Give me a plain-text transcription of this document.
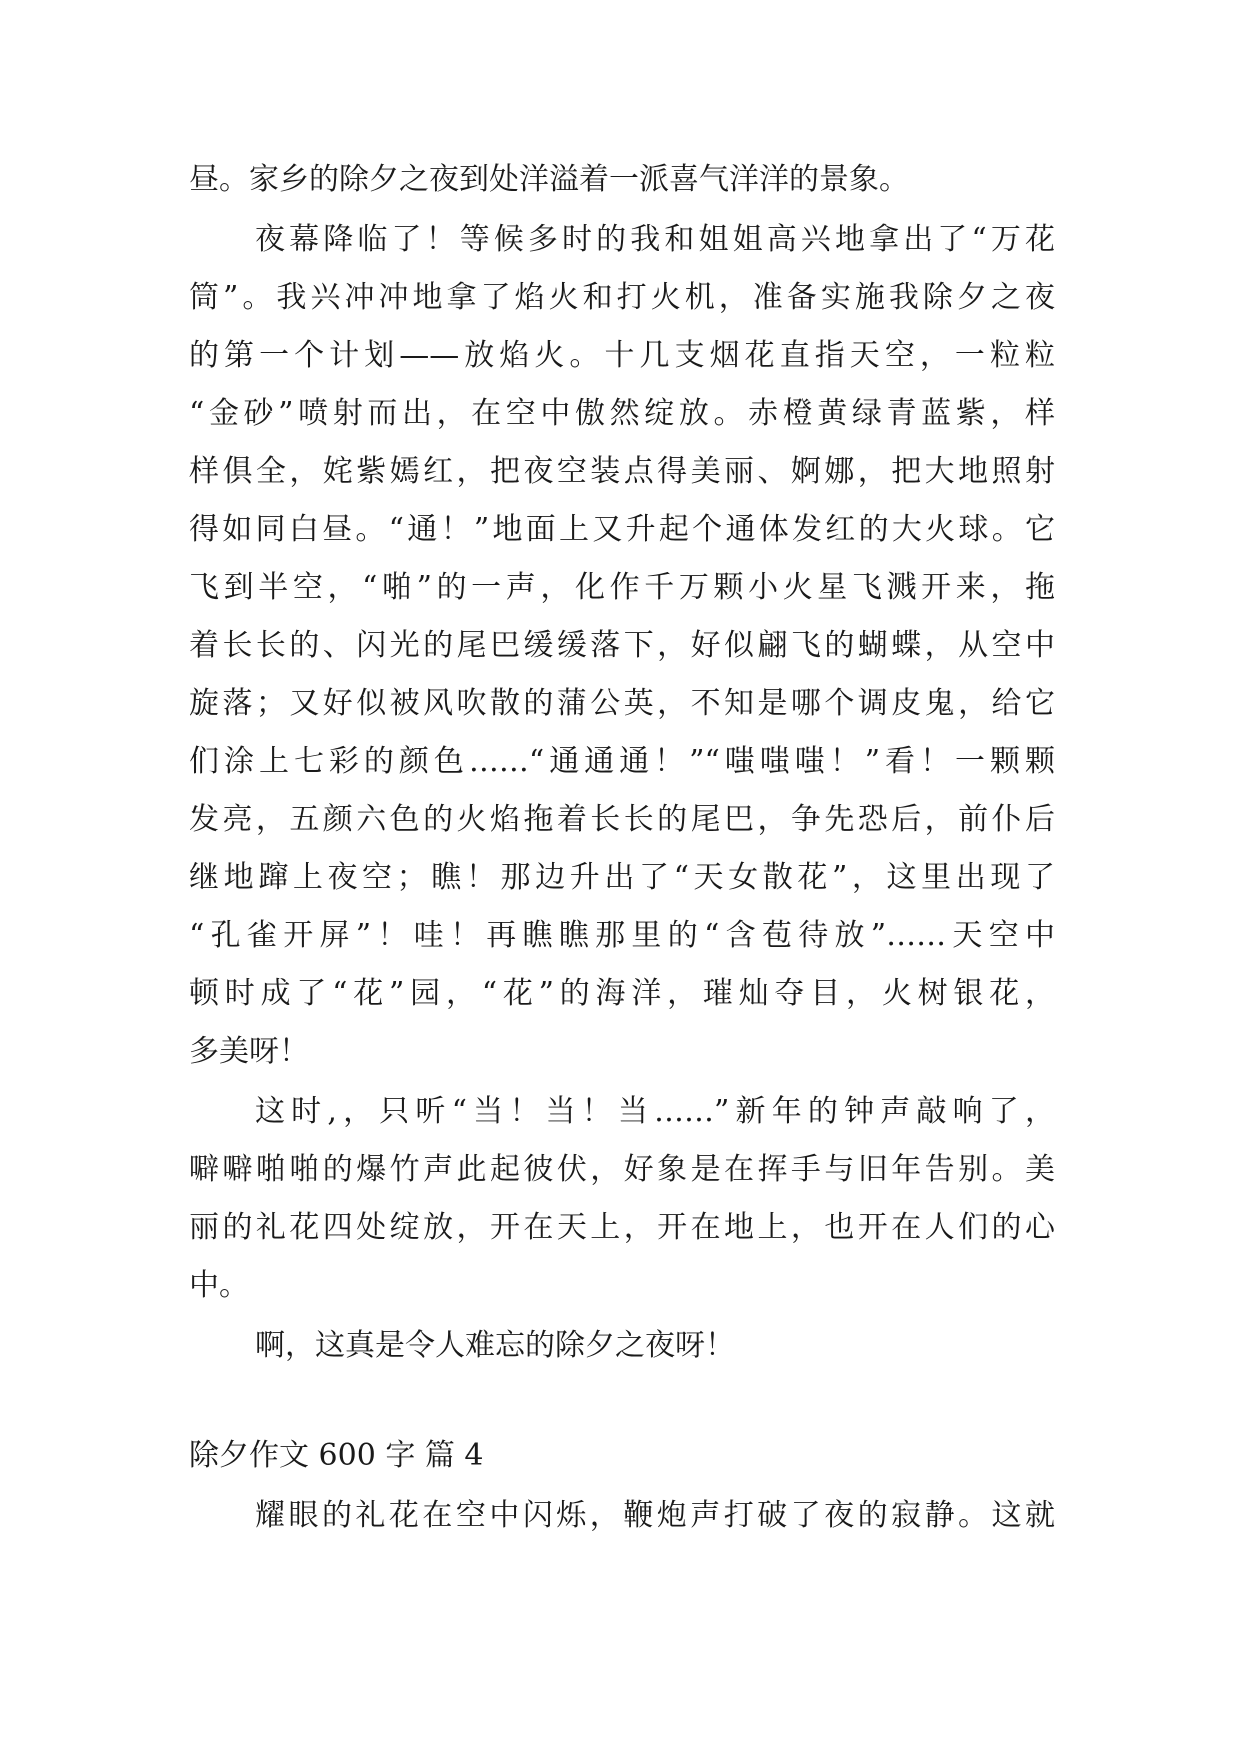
昼。家乡的除夕之夜到处洋溢着一派喜气洋洋的景象。
夜幕降临了！等候多时的我和姐姐高兴地拿出了“万花
筒”。我兴冲冲地拿了焰火和打火机，准备实施我除夕之夜
的第一个计划——放焰火。十几支烟花直指天空，一粒粒
“金砂”喷射而出，在空中傲然绽放。赤橙黄绿青蓝紫，样
样俱全，姹紫嫣红，把夜空装点得美丽、婀娜，把大地照射
得如同白昼。“通！”地面上又升起个通体发红的大火球。它
飞到半空，“啪”的一声，化作千万颗小火星飞溅开来，拖
着长长的、闪光的尾巴缓缓落下，好似翩飞的蝴蝶，从空中
旋落；又好似被风吹散的蒲公英，不知是哪个调皮鬼，给它
们涂上七彩的颜色……“通通通！”“嗤嗤嗤！”看！一颗颗
发亮，五颜六色的火焰拖着长长的尾巴，争先恐后，前仆后
继地蹿上夜空；瞧！那边升出了“天女散花”，这里出现了
“孔雀开屏”！哇！再瞧瞧那里的“含苞待放”……天空中
顿时成了“花”园，“花”的海洋，璀灿夺目，火树银花，
多美呀！
这时,，只听“当！当！当……”新年的钟声敲响了，
噼噼啪啪的爆竹声此起彼伏，好象是在挥手与旧年告别。美
丽的礼花四处绽放，开在天上，开在地上，也开在人们的心
中。
啊，这真是令人难忘的除夕之夜呀！
除夕作文 600 字 篇 4
耀眼的礼花在空中闪烁，鞭炮声打破了夜的寂静。这就
